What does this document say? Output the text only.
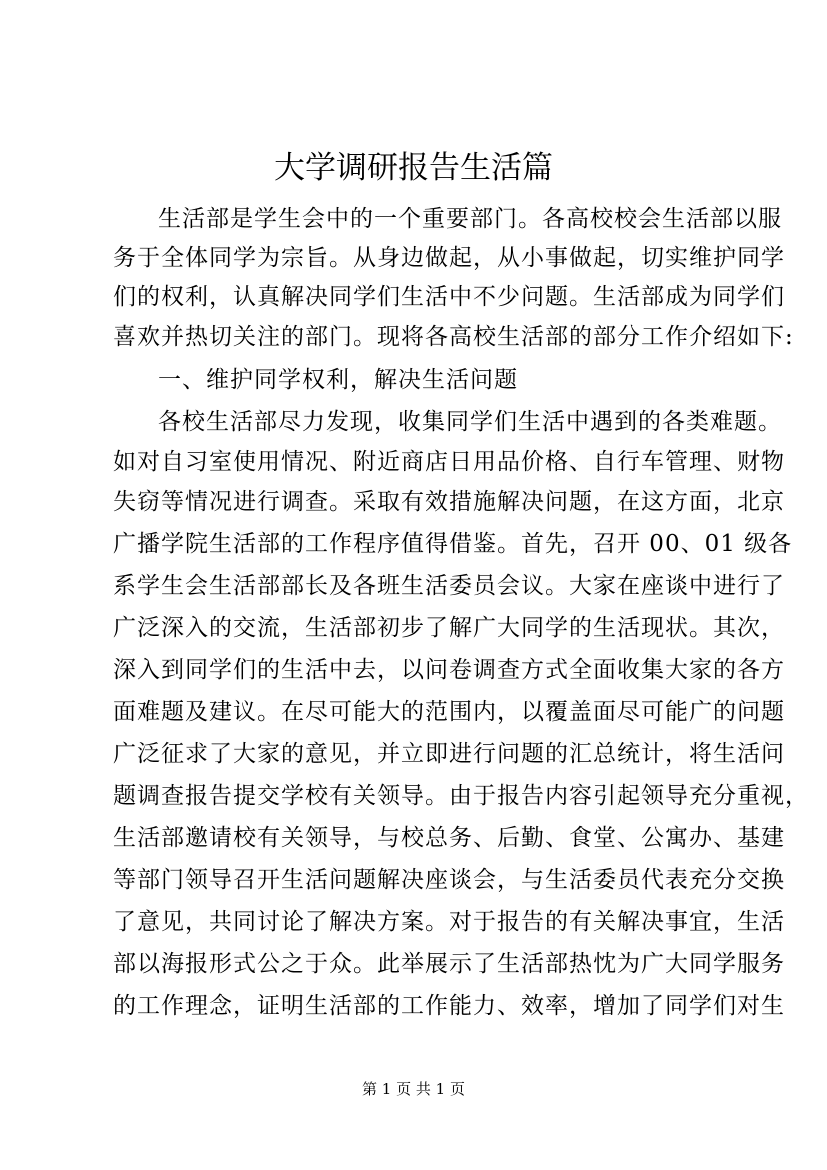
大学调研报告生活篇

生活部是学生会中的一个重要部门。各高校校会生活部以服

务于全体同学为宗旨。从身边做起，从小事做起，切实维护同学

们的权利，认真解决同学们生活中不少问题。生活部成为同学们

喜欢并热切关注的部门。现将各高校生活部的部分工作介绍如下:

一、维护同学权利，解决生活问题

各校生活部尽力发现，收集同学们生活中遇到的各类难题。

如对自习室使用情况、附近商店日用品价格、自行车管理、财物

失窃等情况进行调查。采取有效措施解决问题，在这方面，北京

广播学院生活部的工作程序值得借鉴。首先，召开 00、01 级各

系学生会生活部部长及各班生活委员会议。大家在座谈中进行了

广泛深入的交流，生活部初步了解广大同学的生活现状。其次，

深入到同学们的生活中去，以问卷调查方式全面收集大家的各方

面难题及建议。在尽可能大的范围内，以覆盖面尽可能广的问题

广泛征求了大家的意见，并立即进行问题的汇总统计，将生活问

题调查报告提交学校有关领导。由于报告内容引起领导充分重视，

生活部邀请校有关领导，与校总务、后勤、食堂、公寓办、基建

等部门领导召开生活问题解决座谈会，与生活委员代表充分交换

了意见，共同讨论了解决方案。对于报告的有关解决事宜，生活

部以海报形式公之于众。此举展示了生活部热忱为广大同学服务

的工作理念，证明生活部的工作能力、效率，增加了同学们对生

第 1 页 共 1 页
